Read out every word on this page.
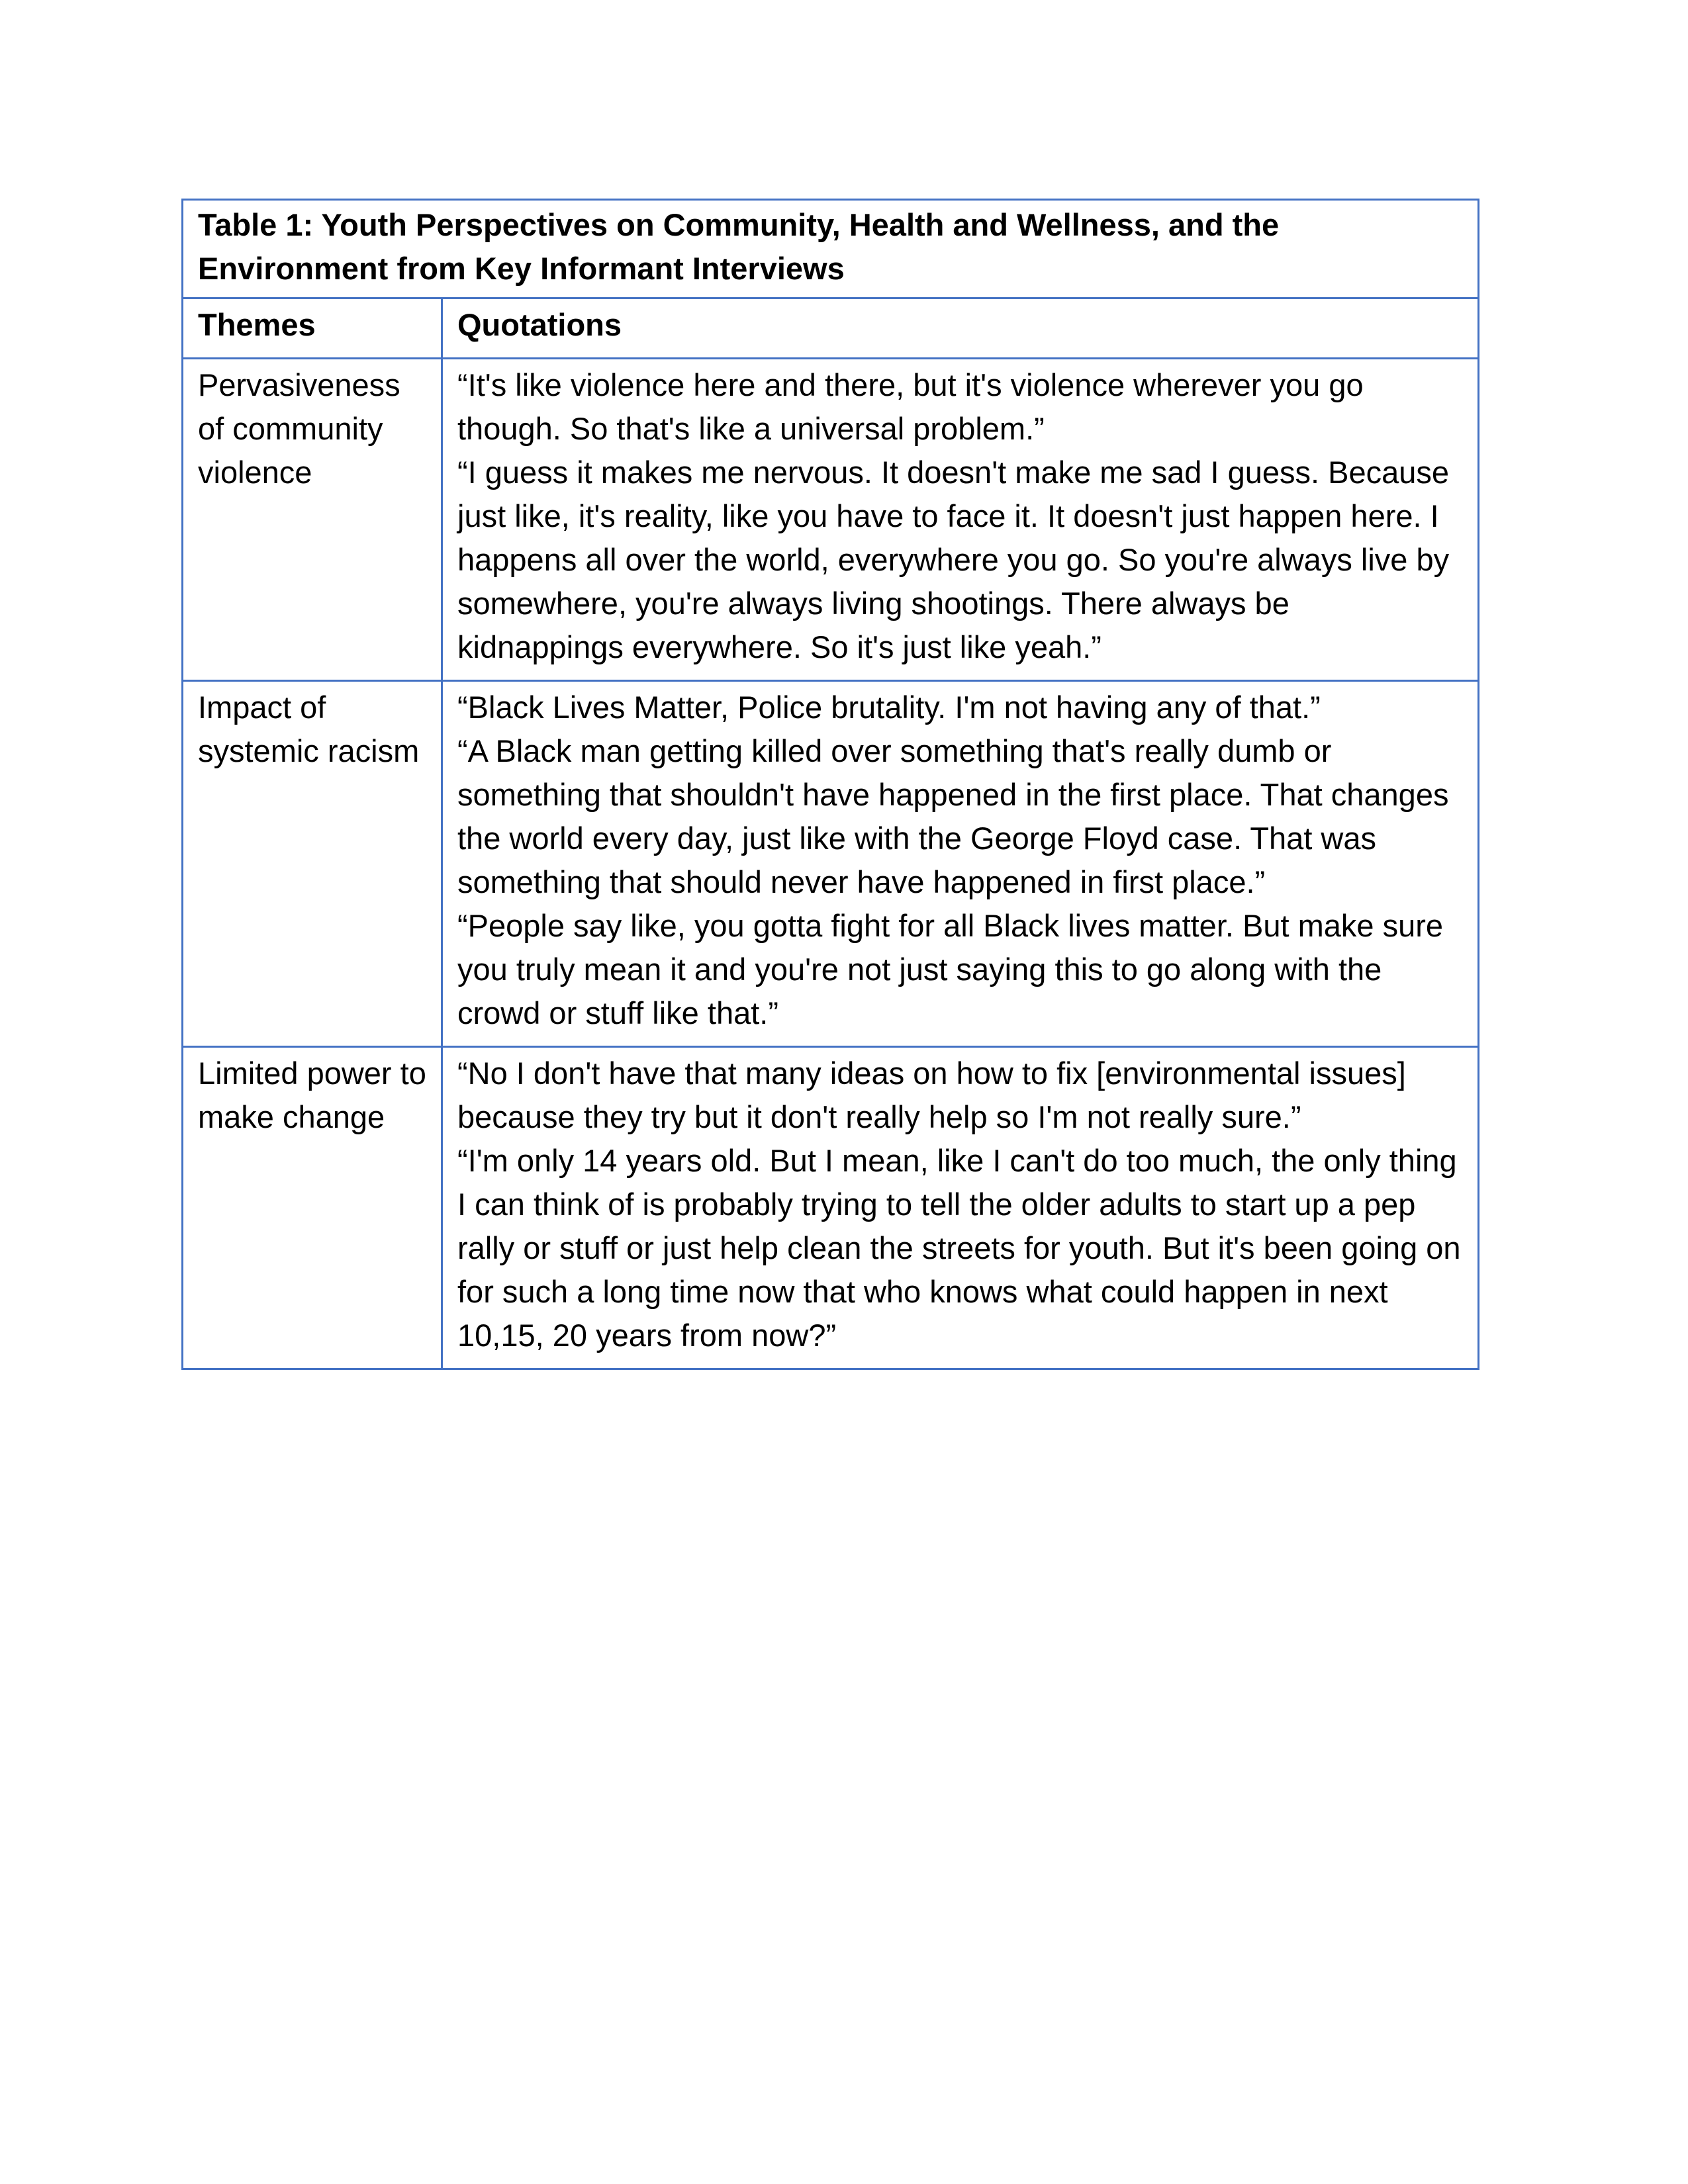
Table 1: Youth Perspectives on Community, Health and Wellness, and the Environment from Key Informant Interviews	
Themes	Quotations
Pervasiveness of community violence	“It's like violence here and there, but it's violence wherever you go though. So that's like a universal problem.”
“I guess it makes me nervous. It doesn't make me sad I guess. Because just like, it's reality, like you have to face it. It doesn't just happen here. I happens all over the world, everywhere you go. So you're always live by somewhere, you're always living shootings. There always be kidnappings everywhere. So it's just like yeah.”

Impact of systemic racism	“Black Lives Matter, Police brutality. I'm not having any of that.”
“A Black man getting killed over something that's really dumb or something that shouldn't have happened in the first place. That changes the world every day, just like with the George Floyd case. That was something that should never have happened in first place.”
“People say like, you gotta fight for all Black lives matter. But make sure you truly mean it and you're not just saying this to go along with the crowd or stuff like that.”

Limited power to make change	“No I don't have that many ideas on how to fix [environmental issues] because they try but it don't really help so I'm not really sure.”
“I'm only 14 years old. But I mean, like I can't do too much, the only thing I can think of is probably trying to tell the older adults to start up a pep rally or stuff or just help clean the streets for youth. But it's been going on for such a long time now that who knows what could happen in next 10,15, 20 years from now?”
